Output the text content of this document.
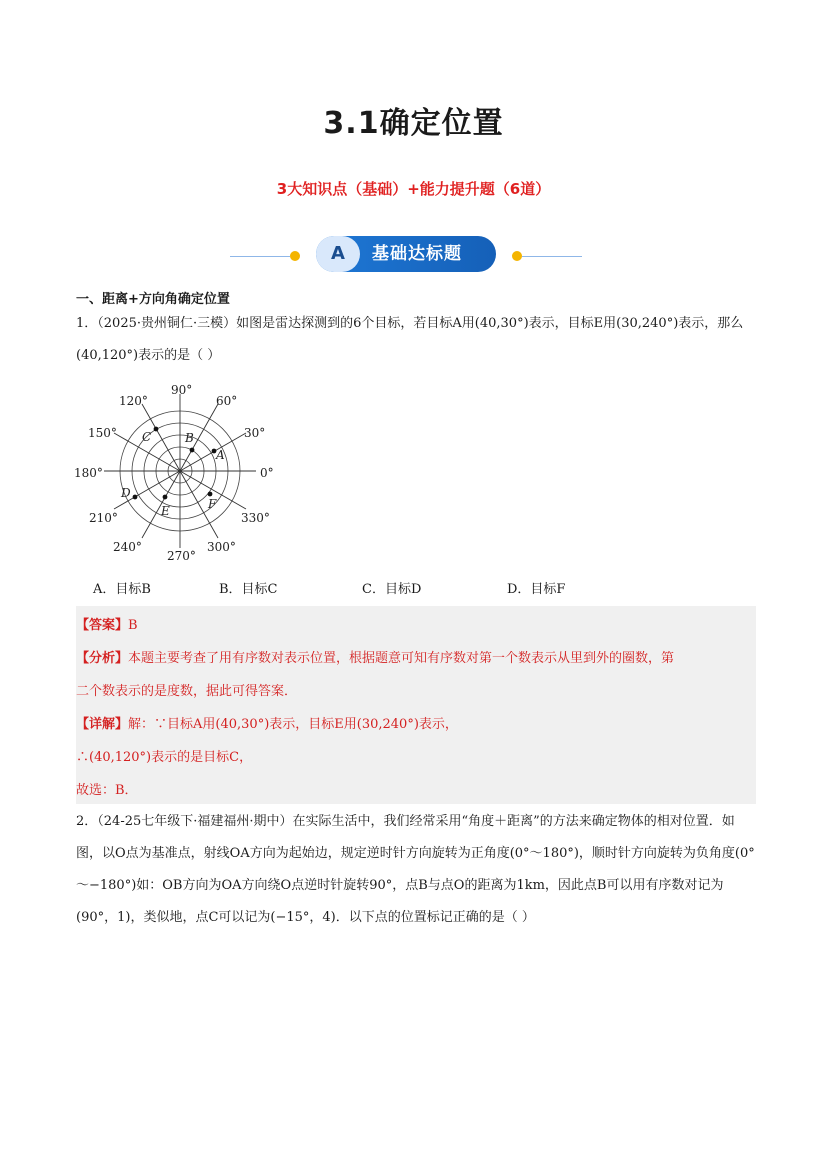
3.1确定位置
3大知识点（基础）+能力提升题（6道）
A	基础达标题
一、距离+方向角确定位置
1．（2025·贵州铜仁·三模）如图是雷达探测到的6个目标，若目标A用(40,30°)表示，目标E用(30,240°)表示，那么(40,120°)表示的是（ ）
A
B
C
D
E	F
90°
60°
30°
0°
330°
300°
270°
240°
210°
180°
150°
120°
A．目标B	B．目标C	C．目标D	D．目标F
【答案】B
【分析】本题主要考查了用有序数对表示位置，根据题意可知有序数对第一个数表示从里到外的圈数，第
二个数表示的是度数，据此可得答案．
【详解】解：∵目标A用(40,30°)表示，目标E用(30,240°)表示，
∴(40,120°)表示的是目标C，
故选：B．
2．（24-25七年级下·福建福州·期中）在实际生活中，我们经常采用“角度＋距离”的方法来确定物体的相对位置．如图，以O点为基准点，射线OA方向为起始边，规定逆时针方向旋转为正角度(0°～180°)，顺时针方向旋转为负角度(0°～−180°)如：OB方向为OA方向绕O点逆时针旋转90°，点B与点O的距离为1km，因此点B可以用有序数对记为(90°，1)，类似地，点C可以记为(−15°，4)．以下点的位置标记正确的是（ ）
